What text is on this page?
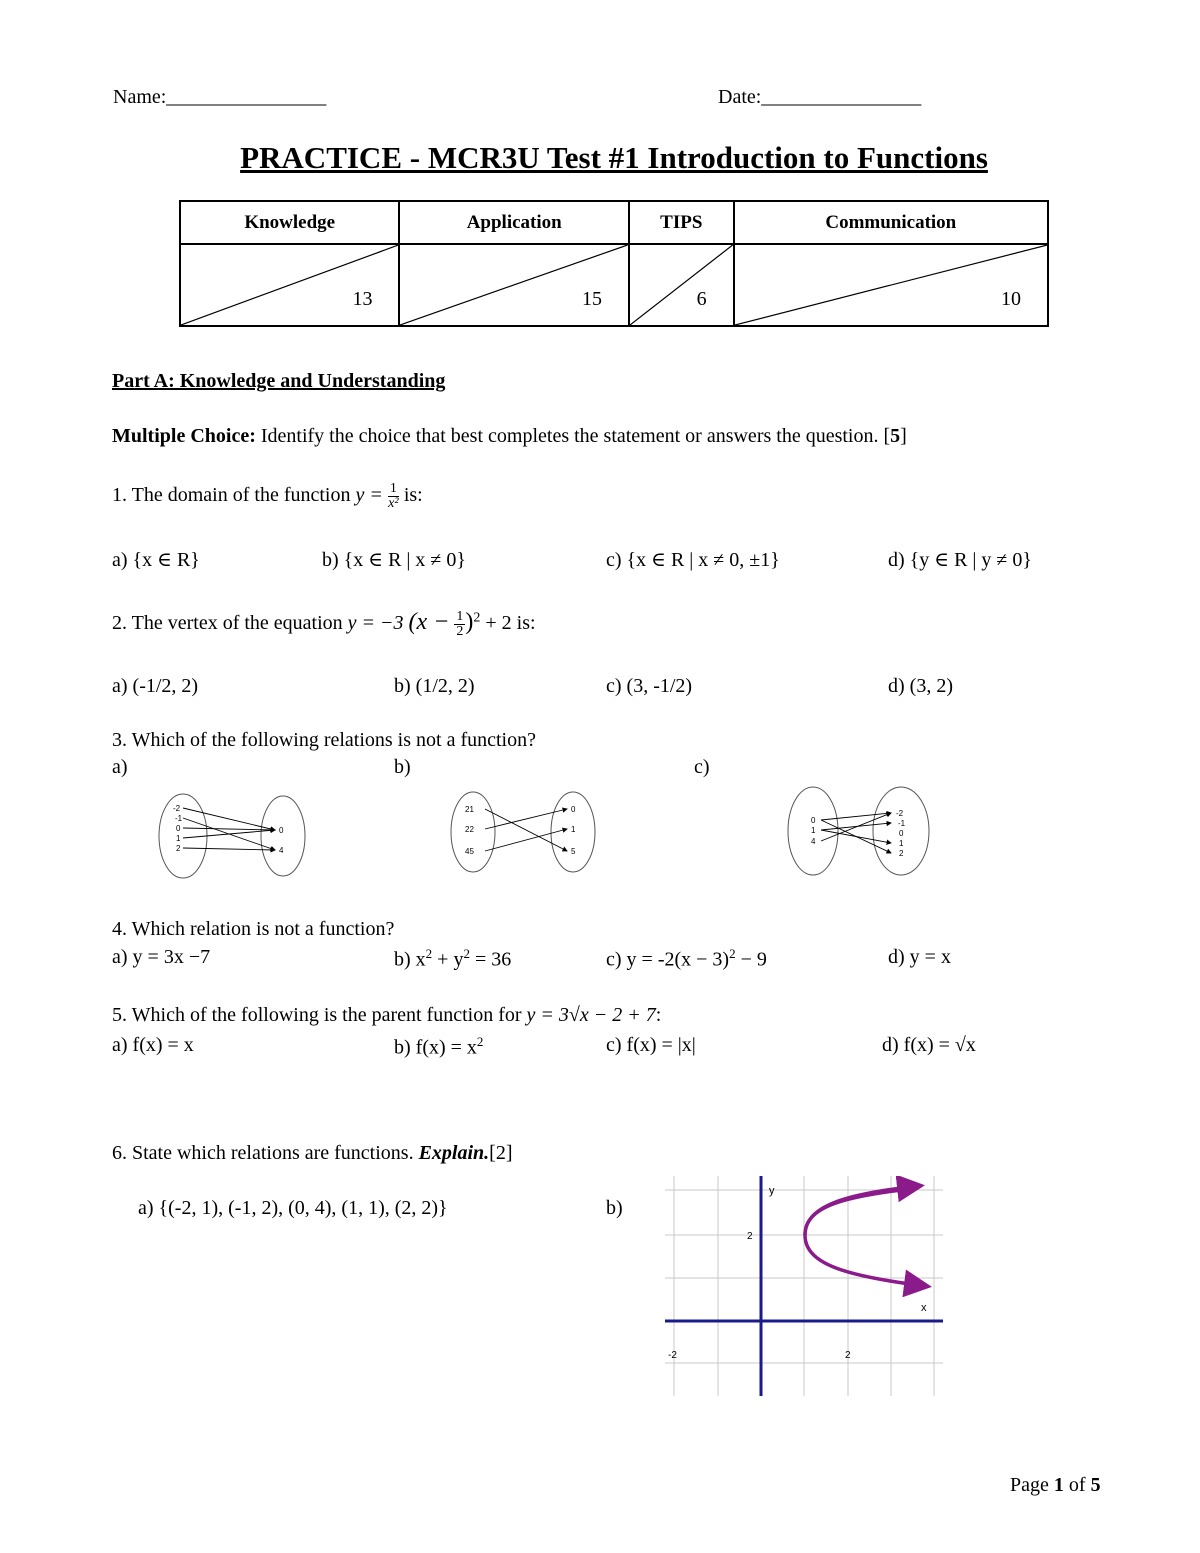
Name:________________	Date:________________
PRACTICE - MCR3U Test #1 Introduction to Functions
Knowledge	Application	TIPS	Communication

13	15	6	10
Part A: Knowledge and Understanding
Multiple Choice: Identify the choice that best completes the statement or answers the question. [5]
1. The domain of the function $y = \frac{1}{\text{x²}}$ is:
a) {x ∈ R}	b) {x ∈ R | x ≠ 0}	c) {x ∈ R | x ≠ 0, ±1}	d) {y ∈ R | y ≠ 0}
2. The vertex of the equation y = −3 $(x - \frac{1}{2} )^2 + 2$ is:
a) (-1/2, 2)	b) (1/2, 2)	c) (3, -1/2)	d) (3, 2)
3. Which of the following relations is not a function?
a)	b)	c)
-2
-1
0
1
2
0
4
21
22
45
0
1
5
0
1
4
-2
-1
0
1
2
4. Which relation is not a function?
a) y = 3x −7	b) $x^2 + y^2 = 36$	c) $y = -2(x - 3)^2 - 9$	d) y = x
5. Which of the following is the parent function for y = 3√x − 2 + 7:
a) f(x) = x	b) $f(x) = x^2$	c) f(x) = |x|	d) f(x) = √x
6. State which relations are functions. Explain.[2]
a) {(-2, 1), (-1, 2), (0, 4), (1, 1), (2, 2)}	b)
y
x
2
-2	2
Page 1 of 5
